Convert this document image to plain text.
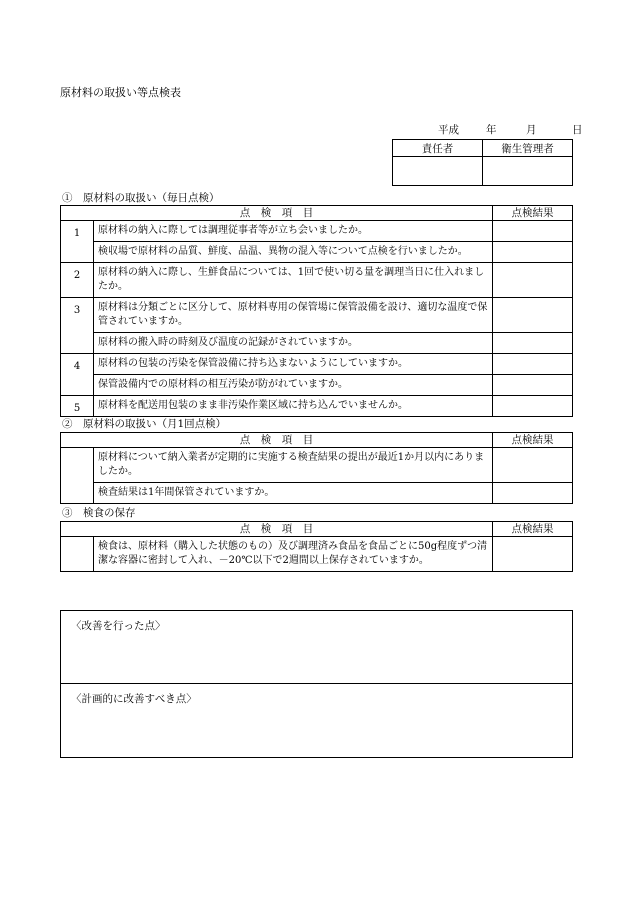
原材料の取扱い等点検表
平成	年	月	日
責任者	衛生管理者

①　原材料の取扱い（毎日点検）
点　検　項　目		点検結果
1	原材料の納入に際しては調理従事者等が立ち会いましたか。	
	検収場で原材料の品質、鮮度、品温、異物の混入等について点検を行いましたか。	
2	原材料の納入に際し、生鮮食品については、1回で使い切る量を調理当日に仕入れましたか。	
3	原材料は分類ごとに区分して、原材料専用の保管場に保管設備を設け、適切な温度で保管されていますか。	
	原材料の搬入時の時刻及び温度の記録がされていますか。	
4	原材料の包装の汚染を保管設備に持ち込まないようにしていますか。	
	保管設備内での原材料の相互汚染が防がれていますか。	
5	原材料を配送用包装のまま非汚染作業区域に持ち込んでいませんか。	
②　原材料の取扱い（月1回点検）
点　検　項　目		点検結果
	原材料について納入業者が定期的に実施する検査結果の提出が最近1か月以内にありましたか。	
	検査結果は1年間保管されていますか。	
③　検食の保存
点　検　項　目		点検結果
	検食は、原材料（購入した状態のもの）及び調理済み食品を食品ごとに50g程度ずつ清潔な容器に密封して入れ、－20℃以下で2週間以上保存されていますか。	
〈改善を行った点〉
〈計画的に改善すべき点〉
